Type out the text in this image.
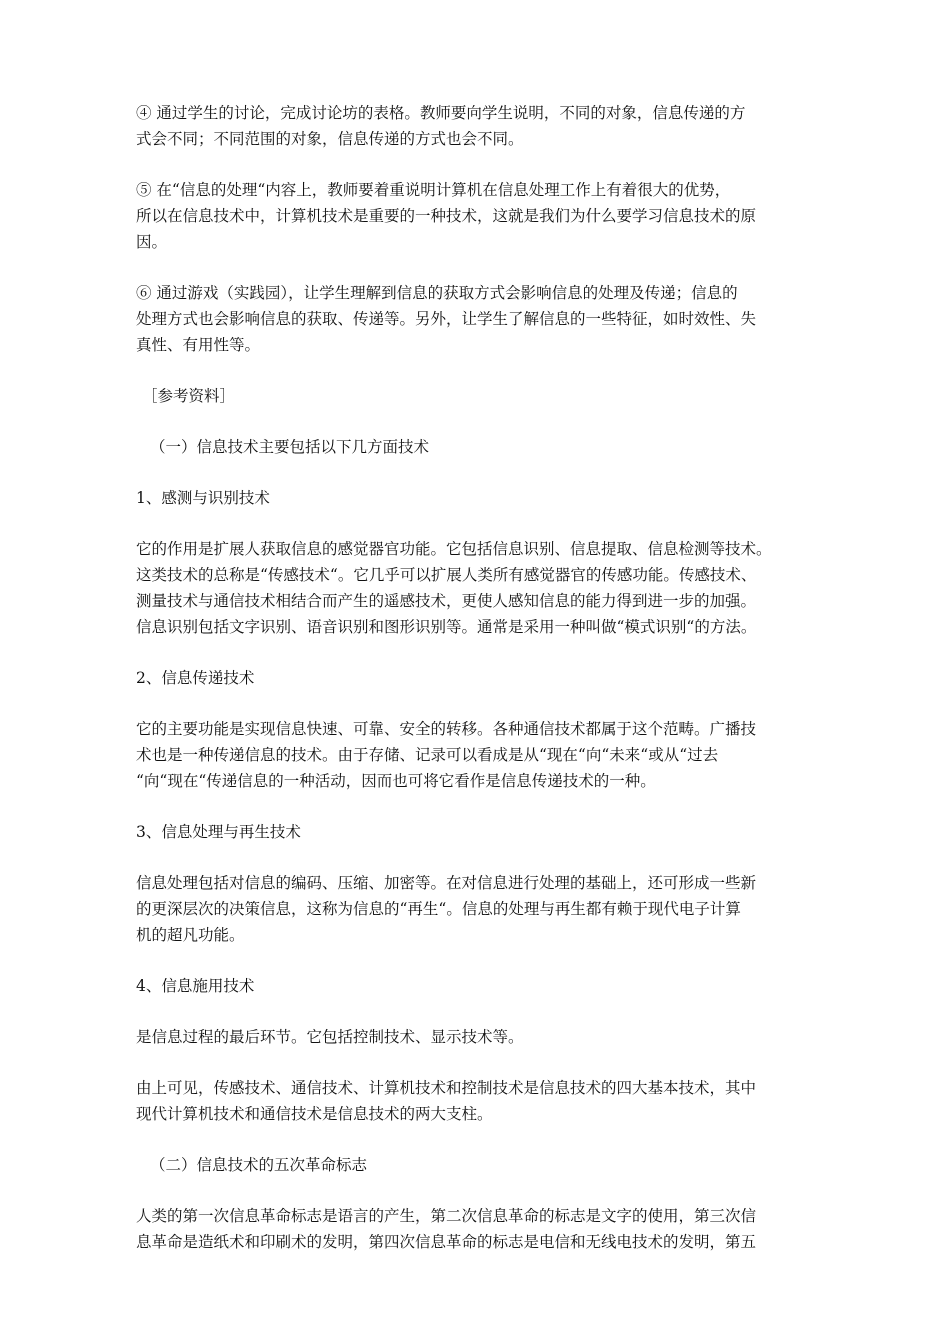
④ 通过学生的讨论，完成讨论坊的表格。教师要向学生说明，不同的对象，信息传递的方
式会不同；不同范围的对象，信息传递的方式也会不同。
⑤ 在“信息的处理“内容上，教师要着重说明计算机在信息处理工作上有着很大的优势，
所以在信息技术中，计算机技术是重要的一种技术，这就是我们为什么要学习信息技术的原
因。
⑥ 通过游戏（实践园），让学生理解到信息的获取方式会影响信息的处理及传递；信息的
处理方式也会影响信息的获取、传递等。另外，让学生了解信息的一些特征，如时效性、失
真性、有用性等。
［参考资料］
（一）信息技术主要包括以下几方面技术
1、感测与识别技术
它的作用是扩展人获取信息的感觉器官功能。它包括信息识别、信息提取、信息检测等技术。
这类技术的总称是“传感技术“。它几乎可以扩展人类所有感觉器官的传感功能。传感技术、
测量技术与通信技术相结合而产生的遥感技术，更使人感知信息的能力得到进一步的加强。
信息识别包括文字识别、语音识别和图形识别等。通常是采用一种叫做“模式识别“的方法。
2、信息传递技术
它的主要功能是实现信息快速、可靠、安全的转移。各种通信技术都属于这个范畴。广播技
术也是一种传递信息的技术。由于存储、记录可以看成是从“现在“向“未来“或从“过去
“向“现在“传递信息的一种活动，因而也可将它看作是信息传递技术的一种。
3、信息处理与再生技术
信息处理包括对信息的编码、压缩、加密等。在对信息进行处理的基础上，还可形成一些新
的更深层次的决策信息，这称为信息的“再生“。信息的处理与再生都有赖于现代电子计算
机的超凡功能。
4、信息施用技术
是信息过程的最后环节。它包括控制技术、显示技术等。
由上可见，传感技术、通信技术、计算机技术和控制技术是信息技术的四大基本技术，其中
现代计算机技术和通信技术是信息技术的两大支柱。
（二）信息技术的五次革命标志
人类的第一次信息革命标志是语言的产生，第二次信息革命的标志是文字的使用，第三次信
息革命是造纸术和印刷术的发明，第四次信息革命的标志是电信和无线电技术的发明，第五
